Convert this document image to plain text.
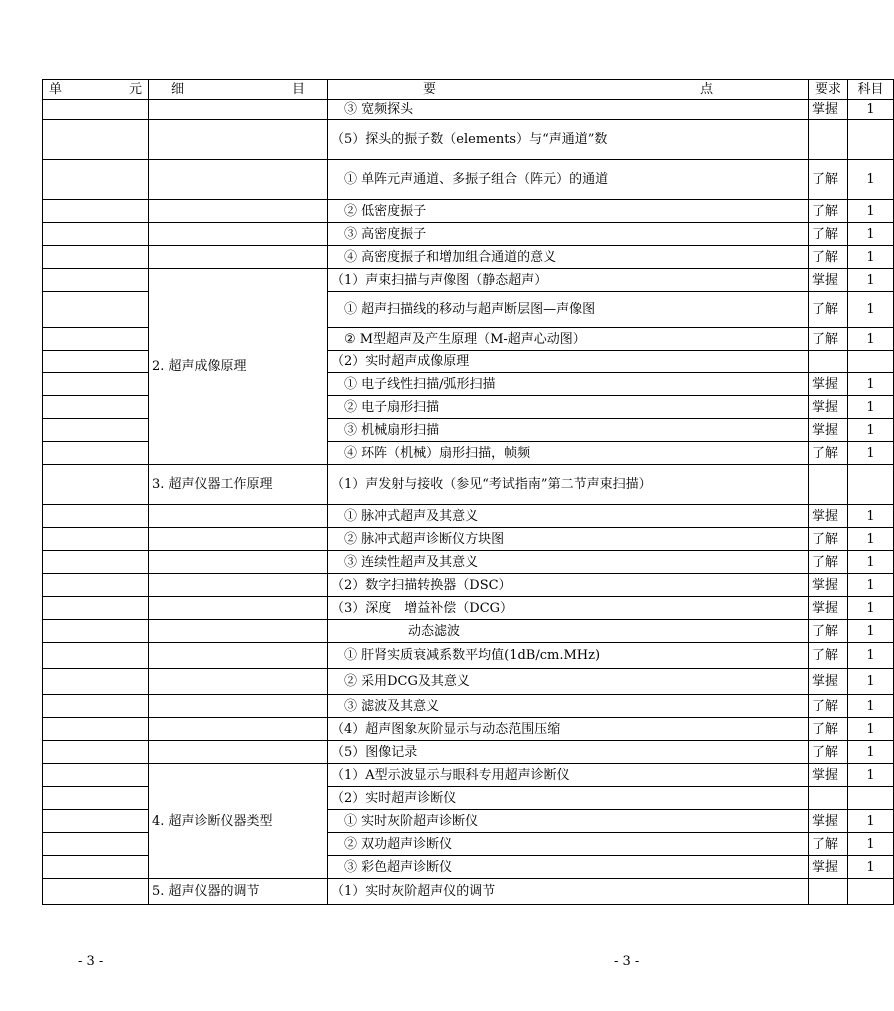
单元	细目	要点	要求	科目
		③ 宽频探头	掌握	1
		（5）探头的振子数（elements）与“声通道”数		
		① 单阵元声通道、多振子组合（阵元）的通道	了解	1
		② 低密度振子	了解	1
		③ 高密度振子	了解	1
		④ 高密度振子和增加组合通道的意义	了解	1
	2. 超声成像原理	（1）声束扫描与声像图（静态超声）	掌握	1
		① 超声扫描线的移动与超声断层图—声像图	了解	1
		② M型超声及产生原理（M-超声心动图）	了解	1
		（2）实时超声成像原理		
		① 电子线性扫描/弧形扫描	掌握	1
		② 电子扇形扫描	掌握	1
		③ 机械扇形扫描	掌握	1
		④ 环阵（机械）扇形扫描，帧频	了解	1
	3. 超声仪器工作原理	（1）声发射与接收（参见“考试指南”第二节声束扫描）		
		① 脉冲式超声及其意义	掌握	1
		② 脉冲式超声诊断仪方块图	了解	1
		③ 连续性超声及其意义	了解	1
		（2）数字扫描转换器（DSC）	掌握	1
		（3）深度　增益补偿（DCG）	掌握	1
		动态滤波	了解	1
		① 肝肾实质衰减系数平均值(1dB/cm.MHz)	了解	1
		② 采用DCG及其意义	掌握	1
		③ 滤波及其意义	了解	1
		（4）超声图象灰阶显示与动态范围压缩	了解	1
		（5）图像记录	了解	1
	4. 超声诊断仪器类型	（1）A型示波显示与眼科专用超声诊断仪	掌握	1
		（2）实时超声诊断仪		
		① 实时灰阶超声诊断仪	掌握	1
		② 双功超声诊断仪	了解	1
		③ 彩色超声诊断仪	掌握	1
	5. 超声仪器的调节	（1）实时灰阶超声仪的调节		
- 3 -	- 3 -
